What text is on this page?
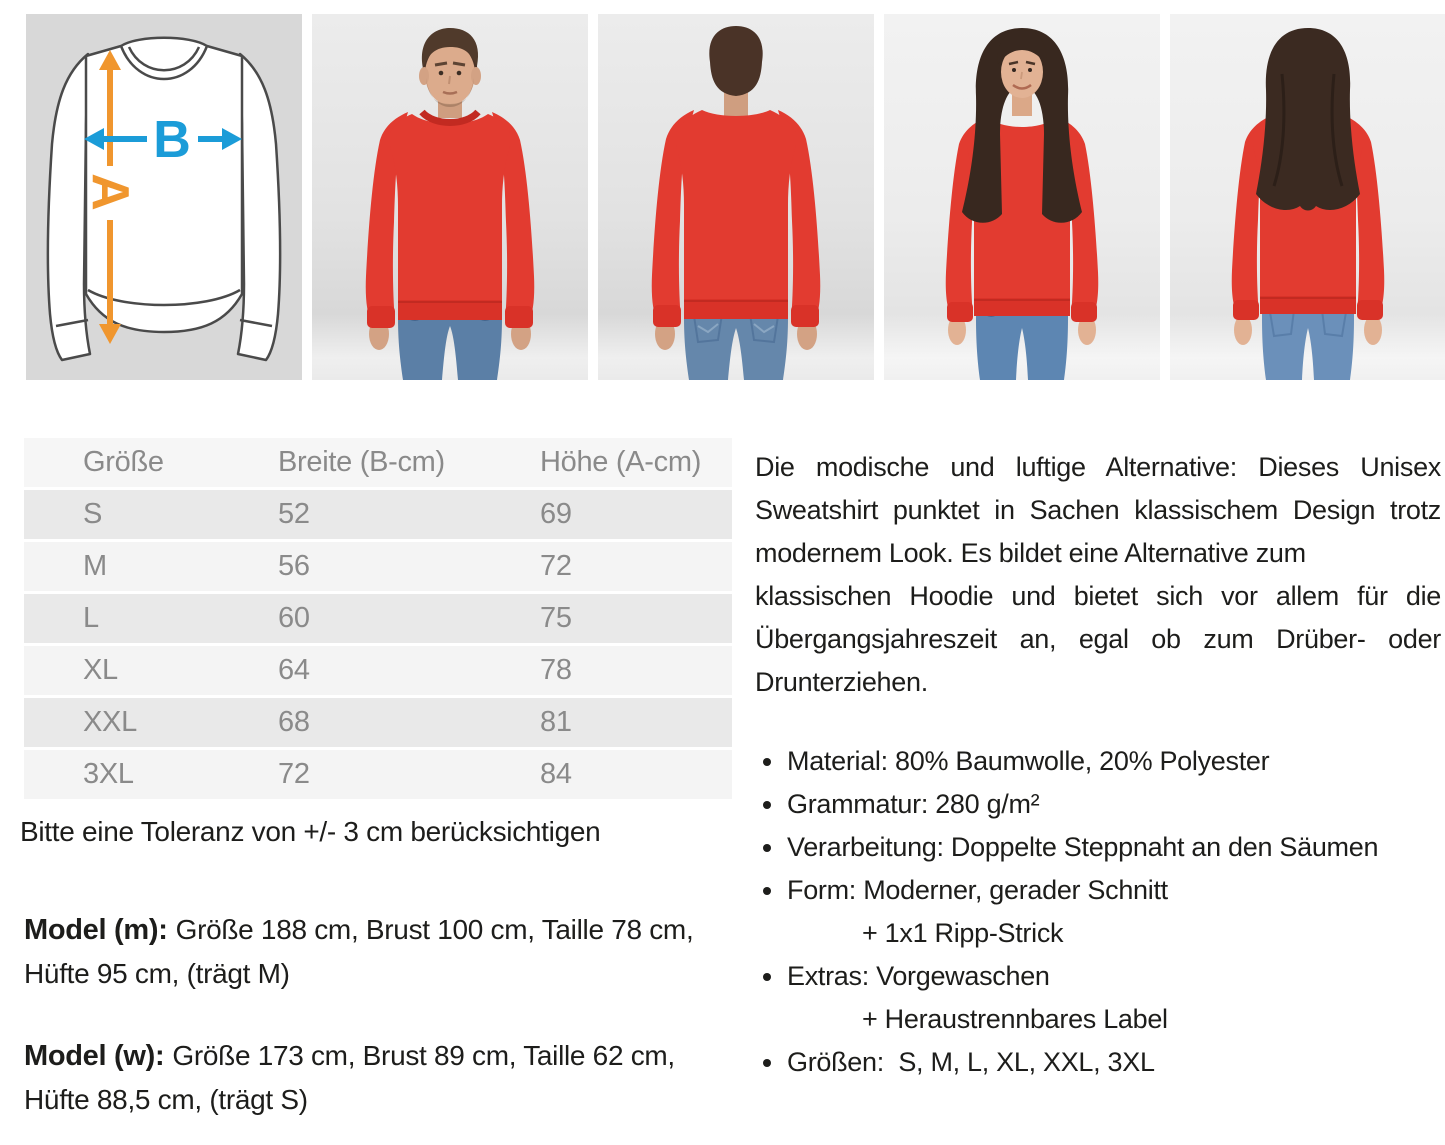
A
B
Größe	Breite (B-cm)	Höhe (A-cm)
S	52	69
M	56	72
L	60	75
XL	64	78
XXL	68	81
3XL	72	84
Bitte eine Toleranz von +/- 3 cm berücksichtigen
Model (m): Größe 188 cm, Brust 100 cm, Taille 78 cm, Hüfte 95 cm, (trägt M)
Model (w): Größe 173 cm, Brust 89 cm, Taille 62 cm, Hüfte 88,5 cm, (trägt S)
Die modische und luftige Alternative: Dieses Unisex
Sweatshirt punktet in Sachen klassischem Design trotz
modernem Look. Es bildet eine Alternative zum
klassischen Hoodie und bietet sich vor allem für die
Übergangsjahreszeit an, egal ob zum Drüber- oder
Drunterziehen.
Material: 80% Baumwolle, 20% Polyester
Grammatur: 280 g/m²
Verarbeitung: Doppelte Steppnaht an den Säumen
Form: Moderner, gerader Schnitt
+ 1x1 Ripp-Strick
Extras: Vorgewaschen
+ Heraustrennbares Label
Größen:  S, M, L, XL, XXL, 3XL
